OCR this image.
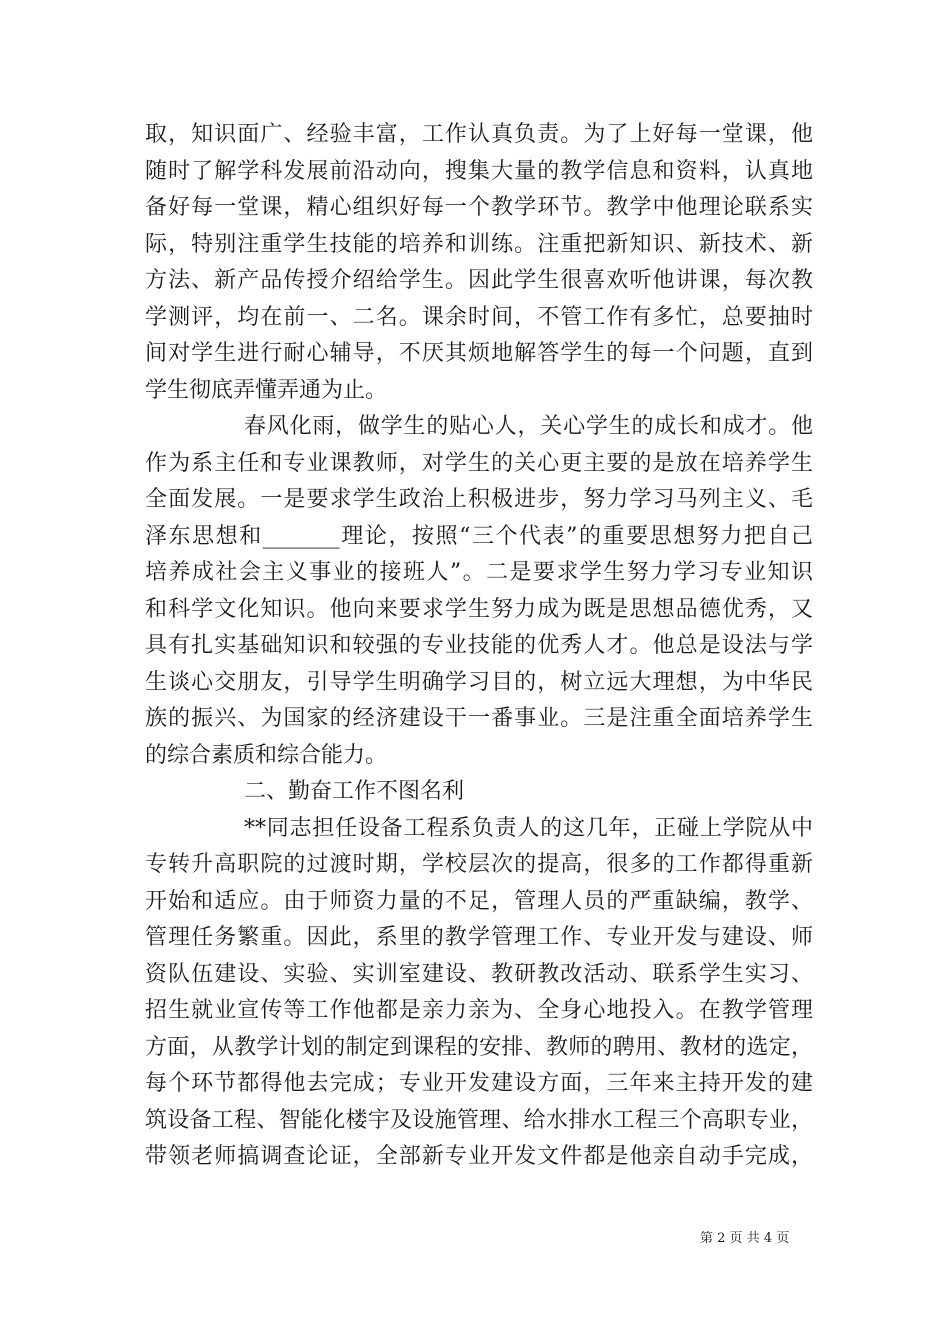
取，知识面广、经验丰富，工作认真负责。为了上好每一堂课，他
随时了解学科发展前沿动向，搜集大量的教学信息和资料，认真地
备好每一堂课，精心组织好每一个教学环节。教学中他理论联系实
际，特别注重学生技能的培养和训练。注重把新知识、新技术、新
方法、新产品传授介绍给学生。因此学生很喜欢听他讲课，每次教
学测评，均在前一、二名。课余时间，不管工作有多忙，总要抽时
间对学生进行耐心辅导，不厌其烦地解答学生的每一个问题，直到
学生彻底弄懂弄通为止。
春风化雨，做学生的贴心人，关心学生的成长和成才。他
作为系主任和专业课教师，对学生的关心更主要的是放在培养学生
全面发展。一是要求学生政治上积极进步，努力学习马列主义、毛
泽东思想和_______理论，按照“三个代表”的重要思想努力把自己
培养成社会主义事业的接班人”。二是要求学生努力学习专业知识
和科学文化知识。他向来要求学生努力成为既是思想品德优秀，又
具有扎实基础知识和较强的专业技能的优秀人才。他总是设法与学
生谈心交朋友，引导学生明确学习目的，树立远大理想，为中华民
族的振兴、为国家的经济建设干一番事业。三是注重全面培养学生
的综合素质和综合能力。
二、勤奋工作不图名利
**同志担任设备工程系负责人的这几年，正碰上学院从中
专转升高职院的过渡时期，学校层次的提高，很多的工作都得重新
开始和适应。由于师资力量的不足，管理人员的严重缺编，教学、
管理任务繁重。因此，系里的教学管理工作、专业开发与建设、师
资队伍建设、实验、实训室建设、教研教改活动、联系学生实习、
招生就业宣传等工作他都是亲力亲为、全身心地投入。在教学管理
方面，从教学计划的制定到课程的安排、教师的聘用、教材的选定，
每个环节都得他去完成；专业开发建设方面，三年来主持开发的建
筑设备工程、智能化楼宇及设施管理、给水排水工程三个高职专业，
带领老师搞调查论证，全部新专业开发文件都是他亲自动手完成，
第 2 页 共 4 页
